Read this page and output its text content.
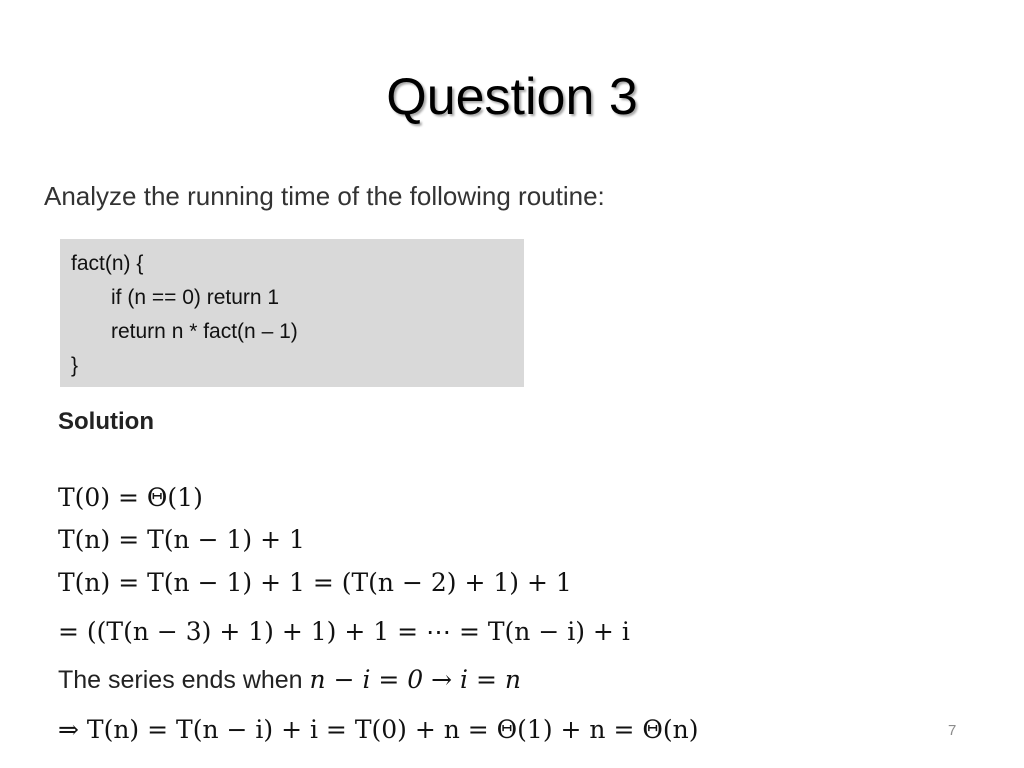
Question 3
Analyze the running time of the following routine:
fact(n) {
if (n == 0) return 1
return n * fact(n – 1)
}
Solution
T(0) = Θ(1)
T(n) = T(n − 1) + 1
T(n) = T(n − 1) + 1 = (T(n − 2) + 1) + 1
= ((T(n − 3) + 1) + 1) + 1 = ⋯ = T(n − i) + i
The series ends when n − i = 0 → i = n
⇒ T(n) = T(n − i) + i = T(0) + n = Θ(1) + n = Θ(n)	7
